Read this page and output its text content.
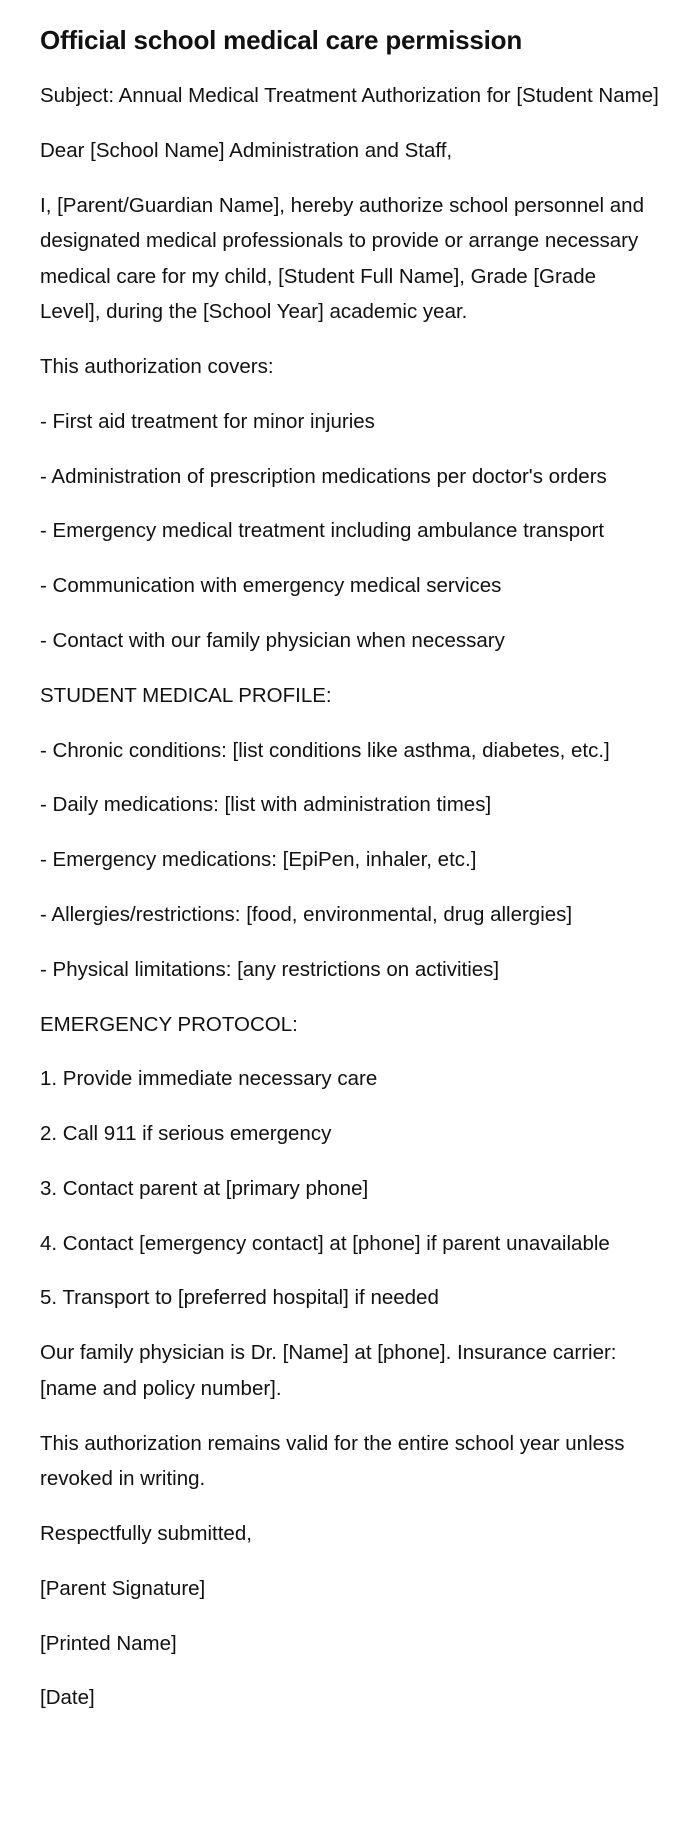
Official school medical care permission

Subject: Annual Medical Treatment Authorization for [Student Name]

Dear [School Name] Administration and Staff,

I, [Parent/Guardian Name], hereby authorize school personnel and designated medical professionals to provide or arrange necessary medical care for my child, [Student Full Name], Grade [Grade Level], during the [School Year] academic year.

This authorization covers:

- First aid treatment for minor injuries

- Administration of prescription medications per doctor's orders

- Emergency medical treatment including ambulance transport

- Communication with emergency medical services

- Contact with our family physician when necessary

STUDENT MEDICAL PROFILE:

- Chronic conditions: [list conditions like asthma, diabetes, etc.]

- Daily medications: [list with administration times]

- Emergency medications: [EpiPen, inhaler, etc.]

- Allergies/restrictions: [food, environmental, drug allergies]

- Physical limitations: [any restrictions on activities]

EMERGENCY PROTOCOL:

1. Provide immediate necessary care

2. Call 911 if serious emergency

3. Contact parent at [primary phone]

4. Contact [emergency contact] at [phone] if parent unavailable

5. Transport to [preferred hospital] if needed

Our family physician is Dr. [Name] at [phone]. Insurance carrier: [name and policy number].

This authorization remains valid for the entire school year unless revoked in writing.

Respectfully submitted,

[Parent Signature]

[Printed Name]

[Date]
